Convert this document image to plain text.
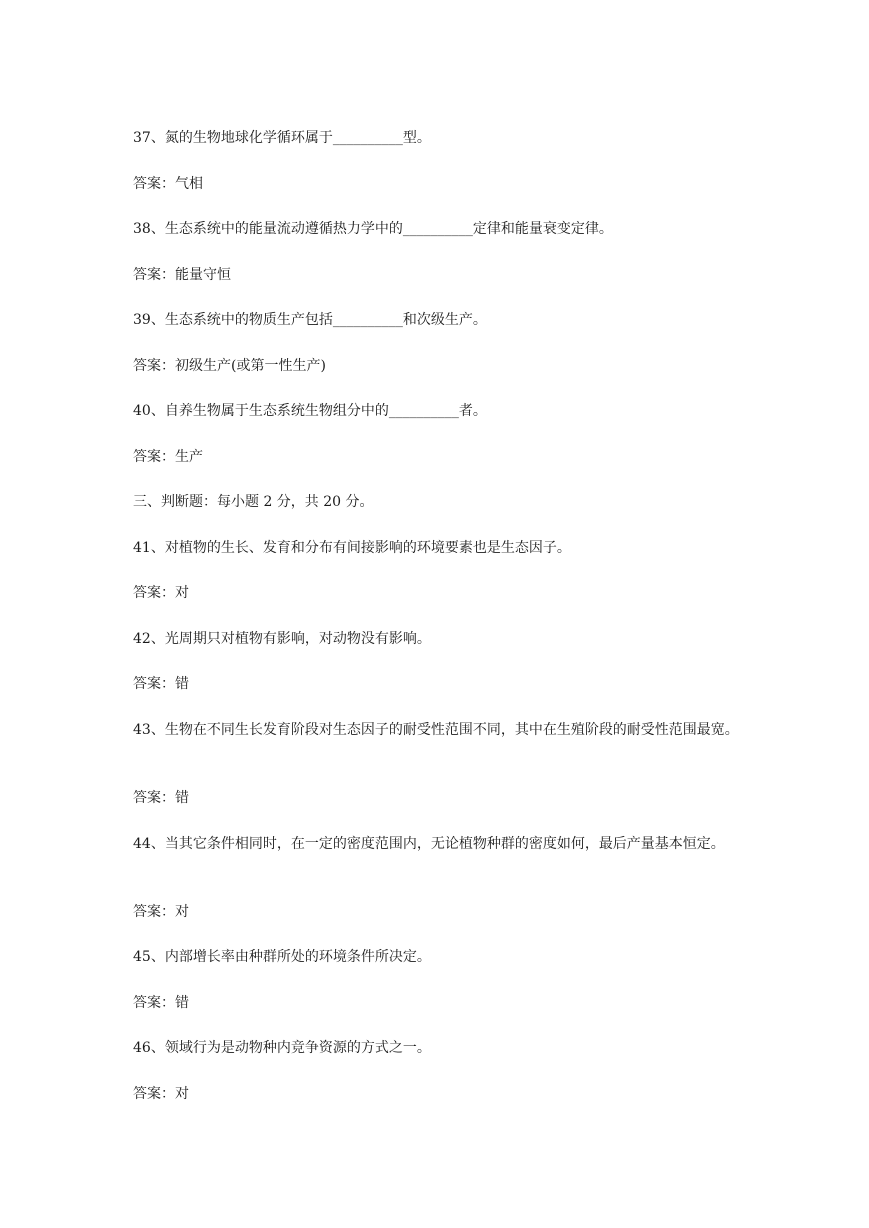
37、氮的生物地球化学循环属于__________型。
答案：气相
38、生态系统中的能量流动遵循热力学中的__________定律和能量衰变定律。
答案：能量守恒
39、生态系统中的物质生产包括__________和次级生产。
答案：初级生产(或第一性生产)
40、自养生物属于生态系统生物组分中的__________者。
答案：生产
三、判断题：每小题 2 分，共 20 分。
41、对植物的生长、发育和分布有间接影响的环境要素也是生态因子。
答案：对
42、光周期只对植物有影响，对动物没有影响。
答案：错
43、生物在不同生长发育阶段对生态因子的耐受性范围不同，其中在生殖阶段的耐受性范围最宽。
答案：错
44、当其它条件相同时，在一定的密度范围内，无论植物种群的密度如何，最后产量基本恒定。
答案：对
45、内部增长率由种群所处的环境条件所决定。
答案：错
46、领域行为是动物种内竞争资源的方式之一。
答案：对
